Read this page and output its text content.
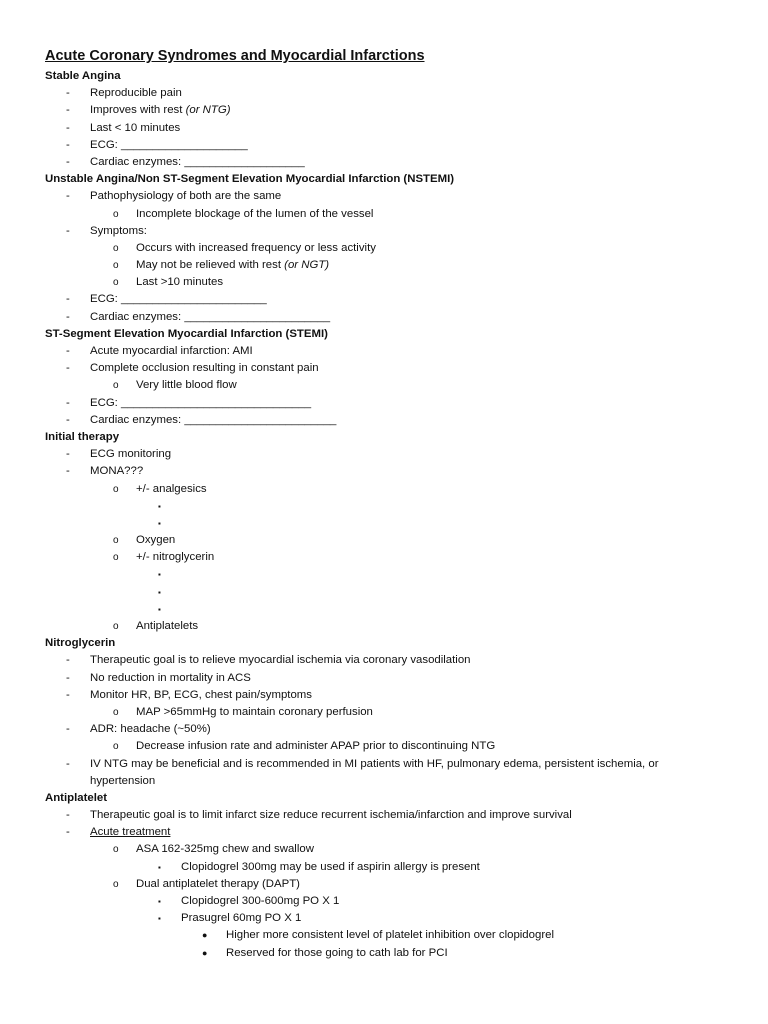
Acute Coronary Syndromes and Myocardial Infarctions
Stable Angina
- Reproducible pain
- Improves with rest (or NTG)
- Last < 10 minutes
- ECG: ____________________
- Cardiac enzymes: ___________________
Unstable Angina/Non ST-Segment Elevation Myocardial Infarction (NSTEMI)
- Pathophysiology of both are the same
o Incomplete blockage of the lumen of the vessel
- Symptoms:
o Occurs with increased frequency or less activity
o May not be relieved with rest (or NGT)
o Last >10 minutes
- ECG: _______________________
- Cardiac enzymes: _______________________
ST-Segment Elevation Myocardial Infarction (STEMI)
- Acute myocardial infarction: AMI
- Complete occlusion resulting in constant pain
o Very little blood flow
- ECG: ______________________________
- Cardiac enzymes: ________________________
Initial therapy
- ECG monitoring
- MONA???
o +/- analgesics
▪
▪
o Oxygen
o +/- nitroglycerin
▪
▪
▪
o Antiplatelets
Nitroglycerin
- Therapeutic goal is to relieve myocardial ischemia via coronary vasodilation
- No reduction in mortality in ACS
- Monitor HR, BP, ECG, chest pain/symptoms
o MAP >65mmHg to maintain coronary perfusion
- ADR: headache (~50%)
o Decrease infusion rate and administer APAP prior to discontinuing NTG
- IV NTG may be beneficial and is recommended in MI patients with HF, pulmonary edema, persistent ischemia, or
hypertension
Antiplatelet
- Therapeutic goal is to limit infarct size reduce recurrent ischemia/infarction and improve survival
- Acute treatment
o ASA 162-325mg chew and swallow
▪ Clopidogrel 300mg may be used if aspirin allergy is present
o Dual antiplatelet therapy (DAPT)
▪ Clopidogrel 300-600mg PO X 1
▪ Prasugrel 60mg PO X 1
● Higher more consistent level of platelet inhibition over clopidogrel
● Reserved for those going to cath lab for PCI
